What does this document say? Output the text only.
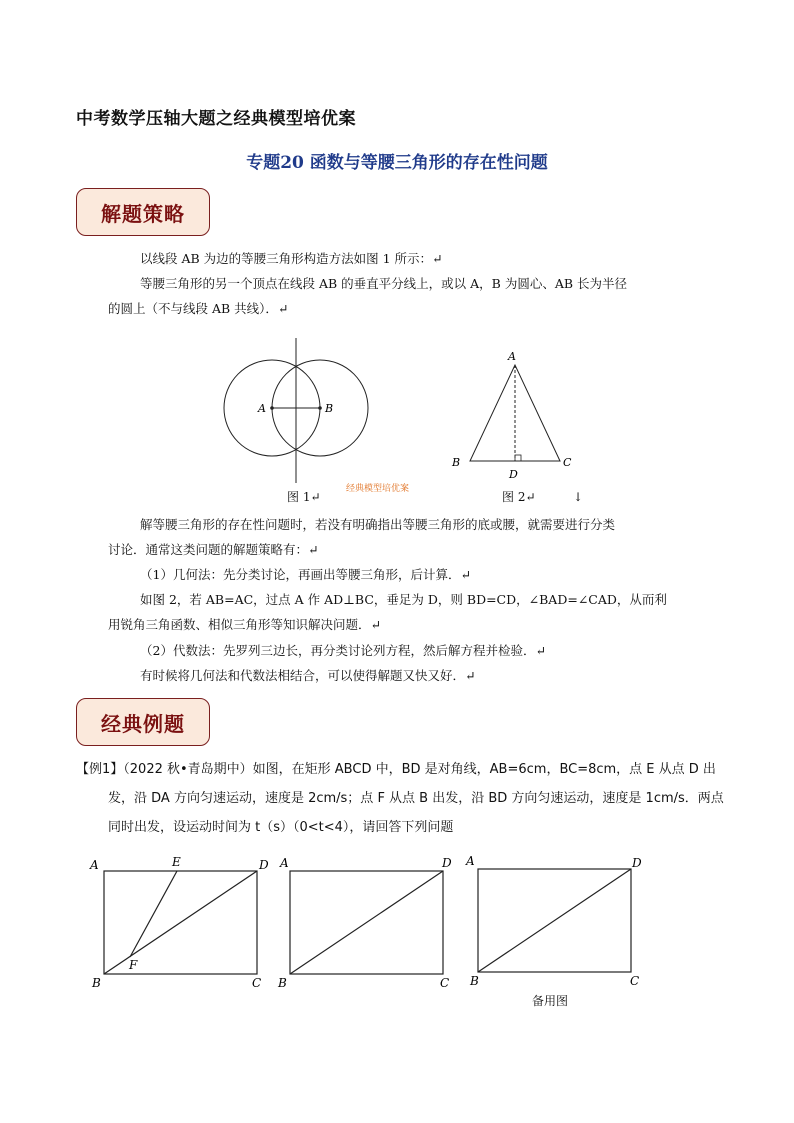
中考数学压轴大题之经典模型培优案
专题20 函数与等腰三角形的存在性问题
解题策略
以线段 AB 为边的等腰三角形构造方法如图 1 所示：↵
等腰三角形的另一个顶点在线段 AB 的垂直平分线上，或以 A，B 为圆心、AB 长为半径
的圆上（不与线段 AB 共线）．↵
A	B
A
B	C
D
图 1↵
经典模型培优案
图 2↵	↓
解等腰三角形的存在性问题时，若没有明确指出等腰三角形的底或腰，就需要进行分类
讨论．通常这类问题的解题策略有：↵
（1）几何法：先分类讨论，再画出等腰三角形，后计算．↵
如图 2，若 AB=AC，过点 A 作 AD⊥BC，垂足为 D，则 BD=CD，∠BAD=∠CAD，从而利
用锐角三角函数、相似三角形等知识解决问题．↵
（2）代数法：先罗列三边长，再分类讨论列方程，然后解方程并检验．↵
有时候将几何法和代数法相结合，可以使得解题又快又好．↵
经典例题
【例1】（2022 秋•青岛期中）如图，在矩形 ABCD 中，BD 是对角线，AB=6cm，BC=8cm，点 E 从点 D 出
发，沿 DA 方向匀速运动，速度是 2cm/s；点 F 从点 B 出发，沿 BD 方向匀速运动，速度是 1cm/s．两点
同时出发，设运动时间为 t（s）（0<t<4），请回答下列问题
A	D
E
F
B	C
A	D
B	C
A	D
B	C
备用图
